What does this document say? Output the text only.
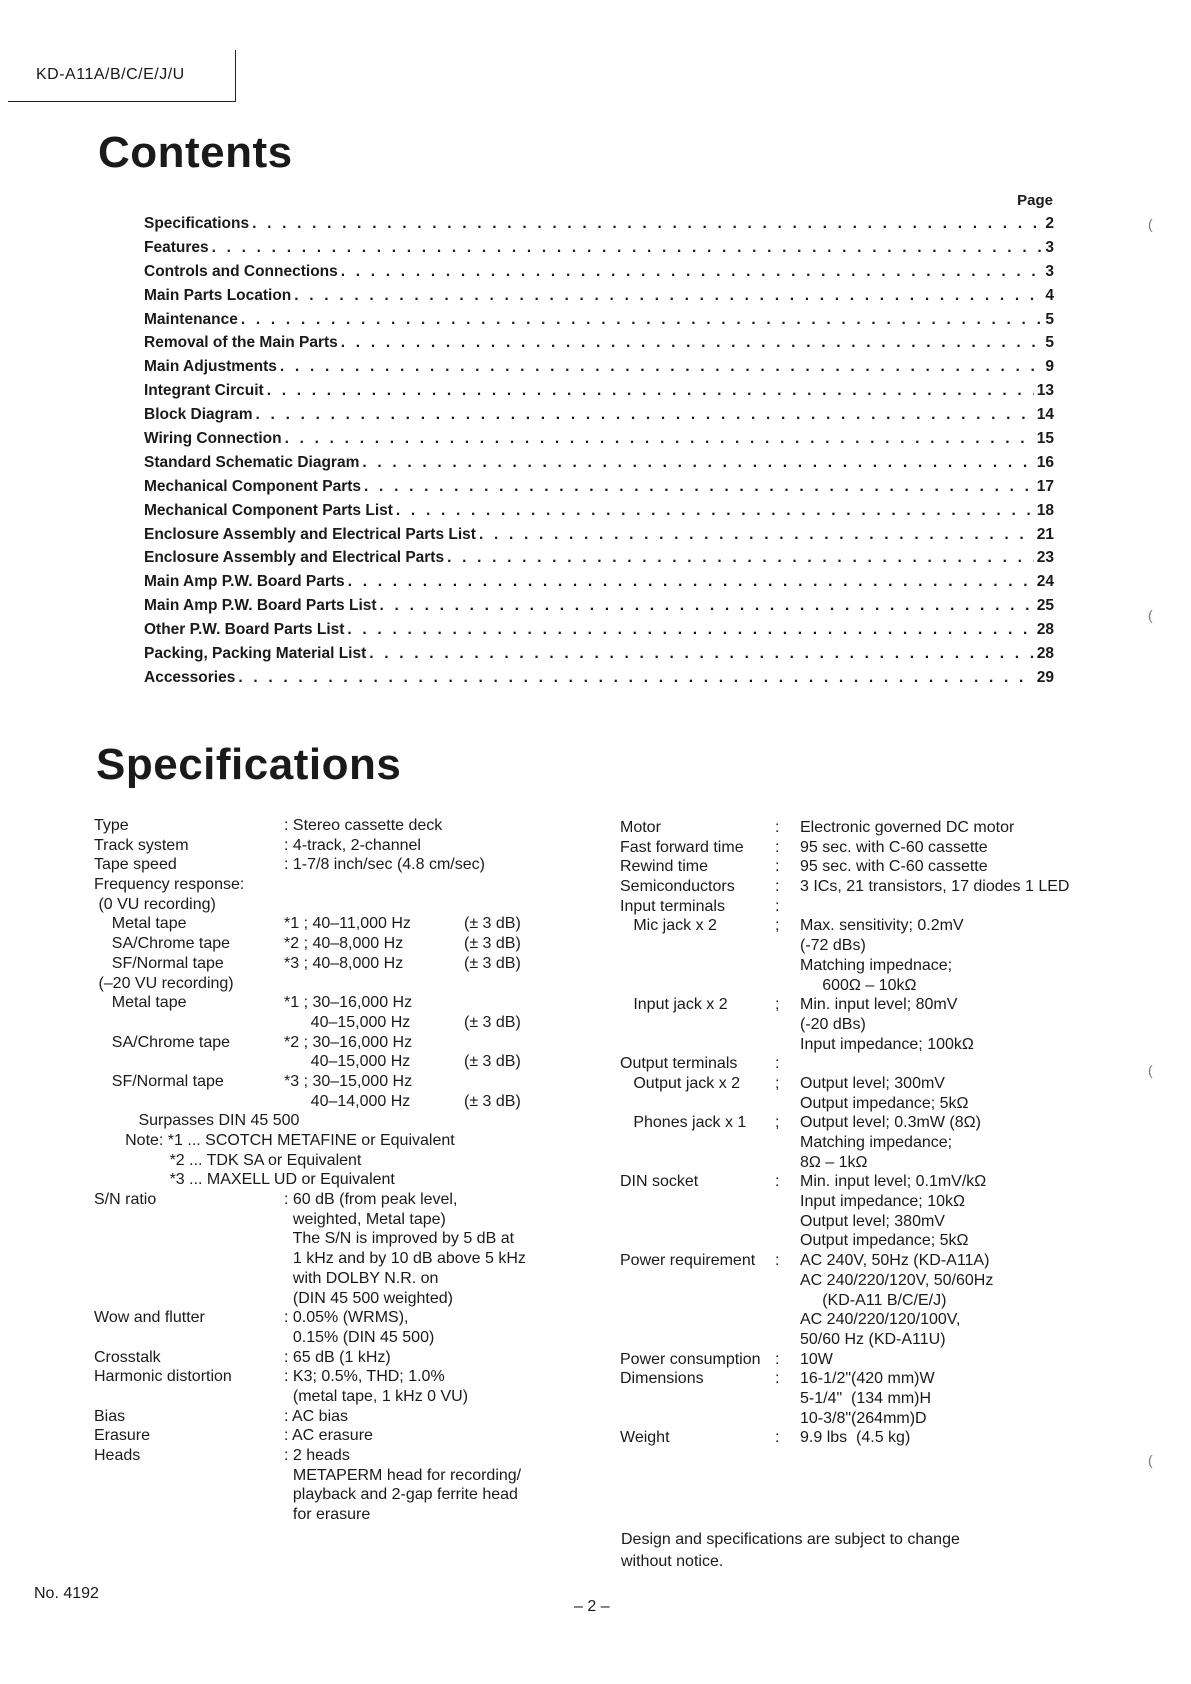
KD-A11A/B/C/E/J/U
Contents
Page
Specifications . . .	2
Features . . .	3
Controls and Connections . . .	3
Main Parts Location . . .	4
Maintenance . . .	5
Removal of the Main Parts . . .	5
Main Adjustments . . .	9
Integrant Circuit . . .	13
Block Diagram . . .	14
Wiring Connection . . .	15
Standard Schematic Diagram . . .	16
Mechanical Component Parts . . .	17
Mechanical Component Parts List . . .	18
Enclosure Assembly and Electrical Parts List . . .	21
Enclosure Assembly and Electrical Parts . . .	23
Main Amp P.W. Board Parts . . .	24
Main Amp P.W. Board Parts List . . .	25
Other P.W. Board Parts List . . .	28
Packing, Packing Material List . . .	28
Accessories . . .	29
Specifications
Type	: Stereo cassette deck
Track system	: 4-track, 2-channel
Tape speed	: 1-7/8 inch/sec (4.8 cm/sec)
Frequency response:
(0 VU recording)
Metal tape	*1 ; 40–11,000 Hz	(± 3 dB)
SA/Chrome tape	*2 ; 40–8,000 Hz	(± 3 dB)
SF/Normal tape	*3 ; 40–8,000 Hz	(± 3 dB)
(–20 VU recording)
Metal tape	*1 ; 30–16,000 Hz
40–15,000 Hz	(± 3 dB)
SA/Chrome tape	*2 ; 30–16,000 Hz
40–15,000 Hz	(± 3 dB)
SF/Normal tape	*3 ; 30–15,000 Hz
40–14,000 Hz	(± 3 dB)
Surpasses DIN 45 500
Note: *1 ... SCOTCH METAFINE or Equivalent
*2 ... TDK SA or Equivalent
*3 ... MAXELL UD or Equivalent
S/N ratio	: 60 dB (from peak level,
weighted, Metal tape)
The S/N is improved by 5 dB at
1 kHz and by 10 dB above 5 kHz
with DOLBY N.R. on
(DIN 45 500 weighted)
Wow and flutter	: 0.05% (WRMS),
0.15% (DIN 45 500)
Crosstalk	: 65 dB (1 kHz)
Harmonic distortion	: K3; 0.5%, THD; 1.0%
(metal tape, 1 kHz 0 VU)
Bias	: AC bias
Erasure	: AC erasure
Heads	: 2 heads
METAPERM head for recording/
playback and 2-gap ferrite head
for erasure
Motor	: Electronic governed DC motor
Fast forward time : 95 sec. with C-60 cassette
Rewind time	: 95 sec. with C-60 cassette
Semiconductors	: 3 ICs, 21 transistors, 17 diodes 1 LED
Input terminals	:
Mic jack x 2	; Max. sensitivity; 0.2mV
(-72 dBs)
Matching impednace;
600Ω – 10kΩ
Input jack x 2	; Min. input level; 80mV
(-20 dBs)
Input impedance; 100kΩ
Output terminals :
Output jack x 2 ; Output level; 300mV
Output impedance; 5kΩ
Phones jack x 1 ; Output level; 0.3mW (8Ω)
Matching impedance;
8Ω – 1kΩ
DIN socket	: Min. input level; 0.1mV/kΩ
Input impedance; 10kΩ
Output level; 380mV
Output impedance; 5kΩ
Power requirement : AC 240V, 50Hz (KD-A11A)
AC 240/220/120V, 50/60Hz
(KD-A11 B/C/E/J)
AC 240/220/120/100V,
50/60 Hz (KD-A11U)
Power consumption : 10W
Dimensions	: 16-1/2"(420 mm)W
5-1/4"  (134 mm)H
10-3/8"(264mm)D
Weight	: 9.9 lbs  (4.5 kg)
Design and specifications are subject to change
without notice.
No. 4192
– 2 –
(
(
(
(
